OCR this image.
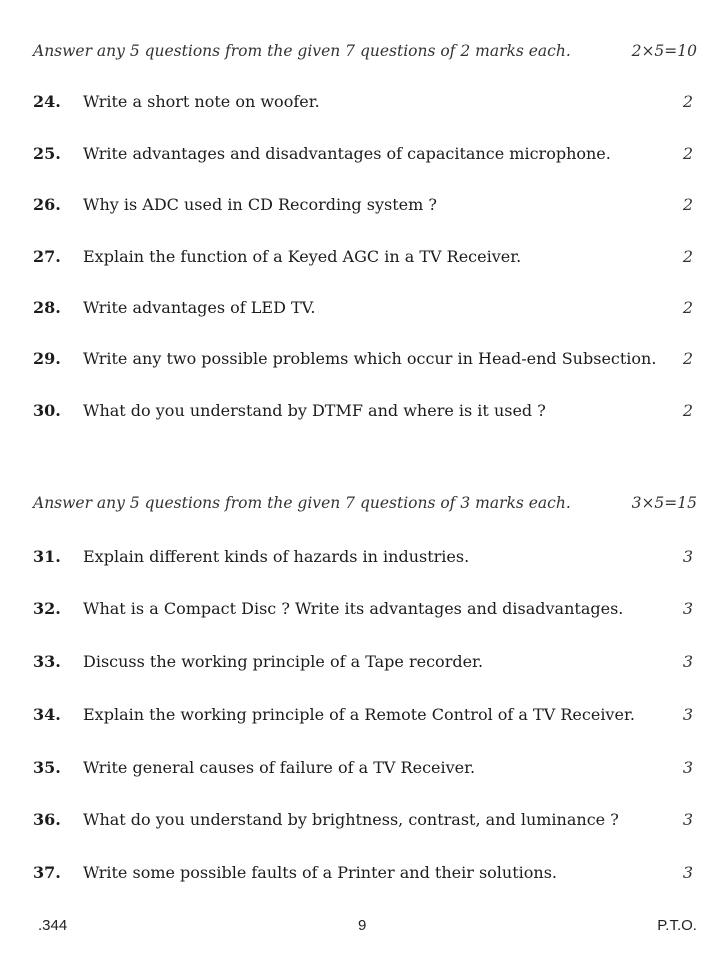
Answer any 5 questions from the given 7 questions of 2 marks each.	2×5=10
24.	Write a short note on woofer.	2
25.	Write advantages and disadvantages of capacitance microphone.	2
26.	Why is ADC used in CD Recording system ?	2
27.	Explain the function of a Keyed AGC in a TV Receiver.	2
28.	Write advantages of LED TV.	2
29.	Write any two possible problems which occur in Head-end Subsection.	2
30.	What do you understand by DTMF and where is it used ?	2
Answer any 5 questions from the given 7 questions of 3 marks each.	3×5=15
31.	Explain different kinds of hazards in industries.	3
32.	What is a Compact Disc ? Write its advantages and disadvantages.	3
33.	Discuss the working principle of a Tape recorder.	3
34.	Explain the working principle of a Remote Control of a TV Receiver.	3
35.	Write general causes of failure of a TV Receiver.	3
36.	What do you understand by brightness, contrast, and luminance ?	3
37.	Write some possible faults of a Printer and their solutions.	3
.344	9	P.T.O.
